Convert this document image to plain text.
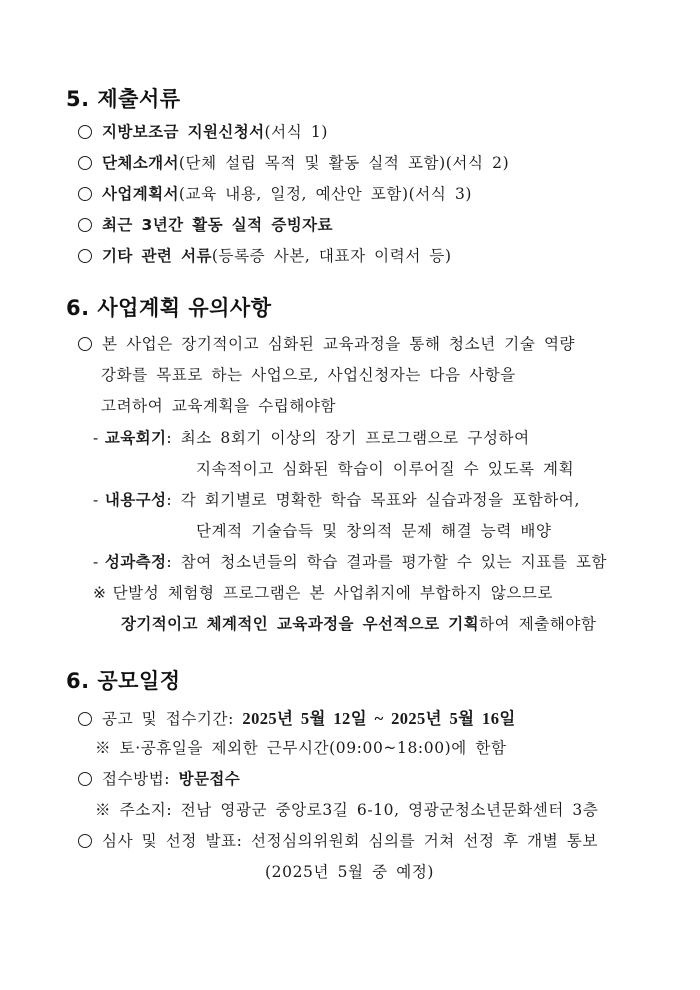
5. 제출서류
지방보조금 지원신청서(서식 1)
단체소개서(단체 설립 목적 및 활동 실적 포함)(서식 2)
사업계획서(교육 내용, 일정, 예산안 포함)(서식 3)
최근 3년간 활동 실적 증빙자료
기타 관련 서류(등록증 사본, 대표자 이력서 등)
6. 사업계획 유의사항
본 사업은 장기적이고 심화된 교육과정을 통해 청소년 기술 역량
강화를 목표로 하는 사업으로, 사업신청자는 다음 사항을
고려하여 교육계획을 수립해야함
- 교육회기: 최소 8회기 이상의 장기 프로그램으로 구성하여
지속적이고 심화된 학습이 이루어질 수 있도록 계획
- 내용구성: 각 회기별로 명확한 학습 목표와 실습과정을 포함하여,
단계적 기술습득 및 창의적 문제 해결 능력 배양
- 성과측정: 참여 청소년들의 학습 결과를 평가할 수 있는 지표를 포함
※ 단발성 체험형 프로그램은 본 사업취지에 부합하지 않으므로
장기적이고 체계적인 교육과정을 우선적으로 기획하여 제출해야함
6. 공모일정
공고 및 접수기간: 2025년 5월 12일 ~ 2025년 5월 16일
※ 토·공휴일을 제외한 근무시간(09:00~18:00)에 한함
접수방법: 방문접수
※ 주소지: 전남 영광군 중앙로3길 6-10, 영광군청소년문화센터 3층
심사 및 선정 발표: 선정심의위원회 심의를 거쳐 선정 후 개별 통보
(2025년 5월 중 예정)
